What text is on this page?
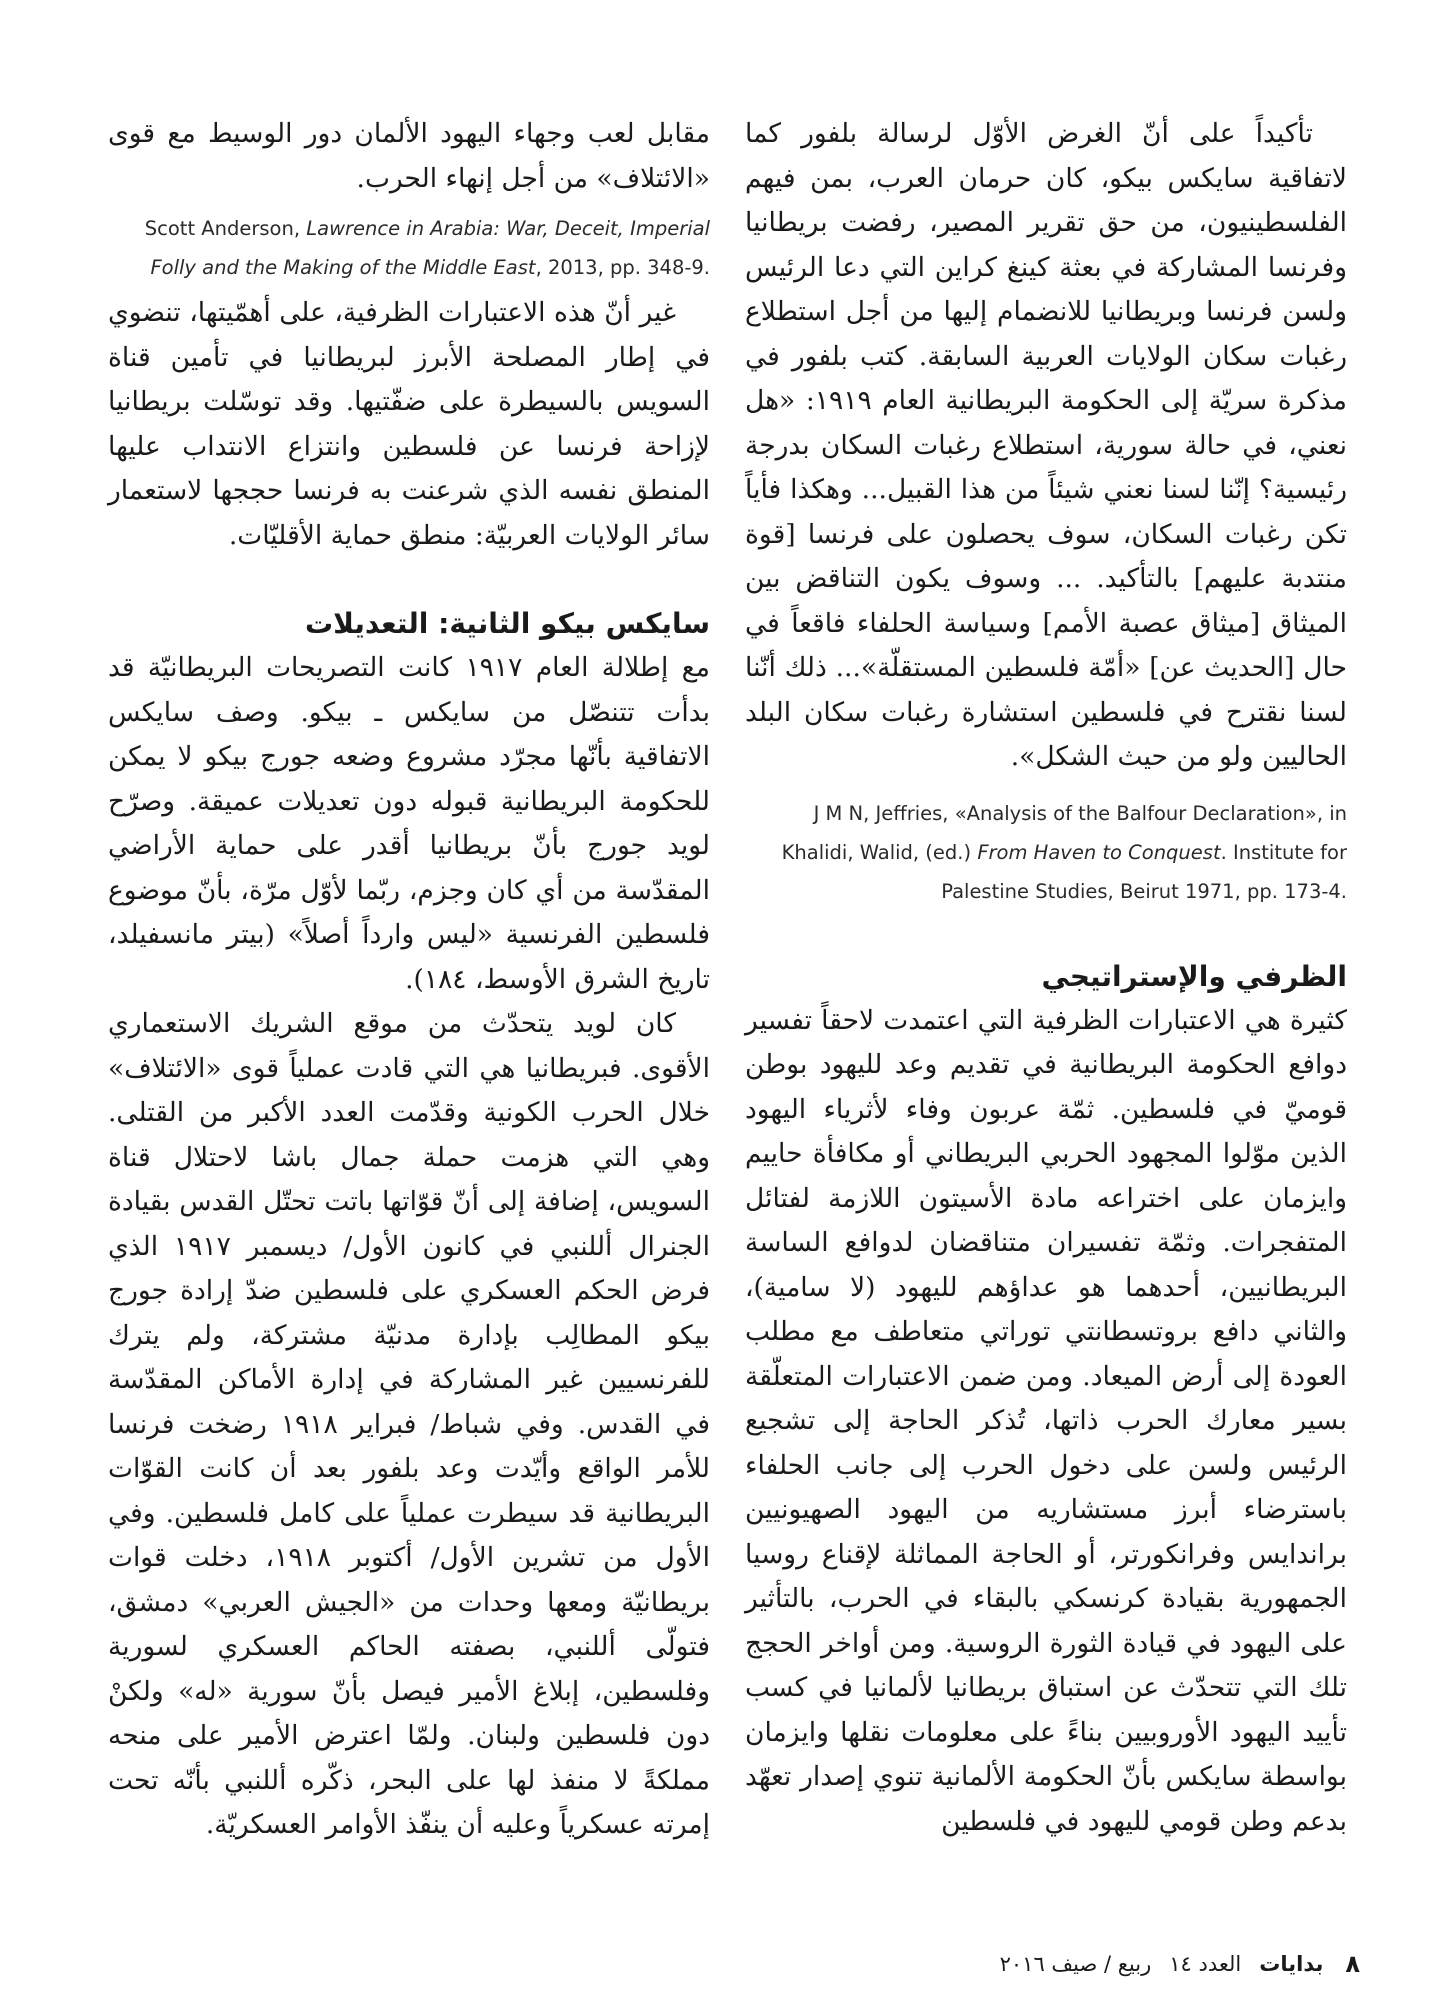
تأكيداً على أنّ الغرض الأوّل لرسالة بلفور كما لاتفاقية سايكس بيكو، كان حرمان العرب، بمن فيهم الفلسطينيون، من حق تقرير المصير، رفضت بريطانيا وفرنسا المشاركة في بعثة كينغ كراين التي دعا الرئيس ولسن فرنسا وبريطانيا للانضمام إليها من أجل استطلاع رغبات سكان الولايات العربية السابقة. كتب بلفور في مذكرة سريّة إلى الحكومة البريطانية العام ١٩١٩: «هل نعني، في حالة سورية، استطلاع رغبات السكان بدرجة رئيسية؟ إنّنا لسنا نعني شيئاً من هذا القبيل... وهكذا فأياً تكن رغبات السكان، سوف يحصلون على فرنسا [قوة منتدبة عليهم] بالتأكيد. ... وسوف يكون التناقض بين الميثاق [ميثاق عصبة الأمم] وسياسة الحلفاء فاقعاً في حال [الحديث عن] «أمّة فلسطين المستقلّة»... ذلك أنّنا لسنا نقترح في فلسطين استشارة رغبات سكان البلد الحاليين ولو من حيث الشكل».

J M N, Jeffries, «Analysis of the Balfour Declaration», in Khalidi, Walid, (ed.) From Haven to Conquest. Institute for Palestine Studies, Beirut 1971, pp. 173-4.
الظرفي والإستراتيجي

كثيرة هي الاعتبارات الظرفية التي اعتمدت لاحقاً تفسير دوافع الحكومة البريطانية في تقديم وعد لليهود بوطن قوميّ في فلسطين. ثمّة عربون وفاء لأثرياء اليهود الذين موّلوا المجهود الحربي البريطاني أو مكافأة حاييم وايزمان على اختراعه مادة الأسيتون اللازمة لفتائل المتفجرات. وثمّة تفسيران متناقضان لدوافع الساسة البريطانيين، أحدهما هو عداؤهم لليهود (لا سامية)، والثاني دافع بروتسطانتي توراتي متعاطف مع مطلب العودة إلى أرض الميعاد. ومن ضمن الاعتبارات المتعلّقة بسير معارك الحرب ذاتها، تُذكر الحاجة إلى تشجيع الرئيس ولسن على دخول الحرب إلى جانب الحلفاء باسترضاء أبرز مستشاريه من اليهود الصهيونيين براندايس وفرانكورتر، أو الحاجة المماثلة لإقناع روسيا الجمهورية بقيادة كرنسكي بالبقاء في الحرب، بالتأثير على اليهود في قيادة الثورة الروسية. ومن أواخر الحجج تلك التي تتحدّث عن استباق بريطانيا لألمانيا في كسب تأييد اليهود الأوروبيين بناءً على معلومات نقلها وايزمان بواسطة سايكس بأنّ الحكومة الألمانية تنوي إصدار تعهّد بدعم وطن قومي لليهود في فلسطين

مقابل لعب وجهاء اليهود الألمان دور الوسيط مع قوى «الائتلاف» من أجل إنهاء الحرب.

Scott Anderson, Lawrence in Arabia: War, Deceit, Imperial Folly and the Making of the Middle East, 2013, pp. 348-9.

غير أنّ هذه الاعتبارات الظرفية، على أهمّيتها، تنضوي في إطار المصلحة الأبرز لبريطانيا في تأمين قناة السويس بالسيطرة على ضفّتيها. وقد توسّلت بريطانيا لإزاحة فرنسا عن فلسطين وانتزاع الانتداب عليها المنطق نفسه الذي شرعنت به فرنسا حججها لاستعمار سائر الولايات العربيّة: منطق حماية الأقليّات.

سايكس بيكو الثانية: التعديلات

مع إطلالة العام ١٩١٧ كانت التصريحات البريطانيّة قد بدأت تتنصّل من سايكس ـ بيكو. وصف سايكس الاتفاقية بأنّها مجرّد مشروع وضعه جورج بيكو لا يمكن للحكومة البريطانية قبوله دون تعديلات عميقة. وصرّح لويد جورج بأنّ بريطانيا أقدر على حماية الأراضي المقدّسة من أي كان وجزم، ربّما لأوّل مرّة، بأنّ موضوع فلسطين الفرنسية «ليس وارداً أصلاً» (بيتر مانسفيلد، تاريخ الشرق الأوسط، ١٨٤).

كان لويد يتحدّث من موقع الشريك الاستعماري الأقوى. فبريطانيا هي التي قادت عملياً قوى «الائتلاف» خلال الحرب الكونية وقدّمت العدد الأكبر من القتلى. وهي التي هزمت حملة جمال باشا لاحتلال قناة السويس، إضافة إلى أنّ قوّاتها باتت تحتّل القدس بقيادة الجنرال أللنبي في كانون الأول/ ديسمبر ١٩١٧ الذي فرض الحكم العسكري على فلسطين ضدّ إرادة جورج بيكو المطالِب بإدارة مدنيّة مشتركة، ولم يترك للفرنسيين غير المشاركة في إدارة الأماكن المقدّسة في القدس. وفي شباط/ فبراير ١٩١٨ رضخت فرنسا للأمر الواقع وأيّدت وعد بلفور بعد أن كانت القوّات البريطانية قد سيطرت عملياً على كامل فلسطين. وفي الأول من تشرين الأول/ أكتوبر ١٩١٨، دخلت قوات بريطانيّة ومعها وحدات من «الجيش العربي» دمشق، فتولّى أللنبي، بصفته الحاكم العسكري لسورية وفلسطين، إبلاغ الأمير فيصل بأنّ سورية «له» ولكنْ دون فلسطين ولبنان. ولمّا اعترض الأمير على منحه مملكةً لا منفذ لها على البحر، ذكّره أللنبي بأنّه تحت إمرته عسكرياً وعليه أن ينفّذ الأوامر العسكريّة.

٨
بدايات
العدد ١٤
ربيع / صيف ٢٠١٦
